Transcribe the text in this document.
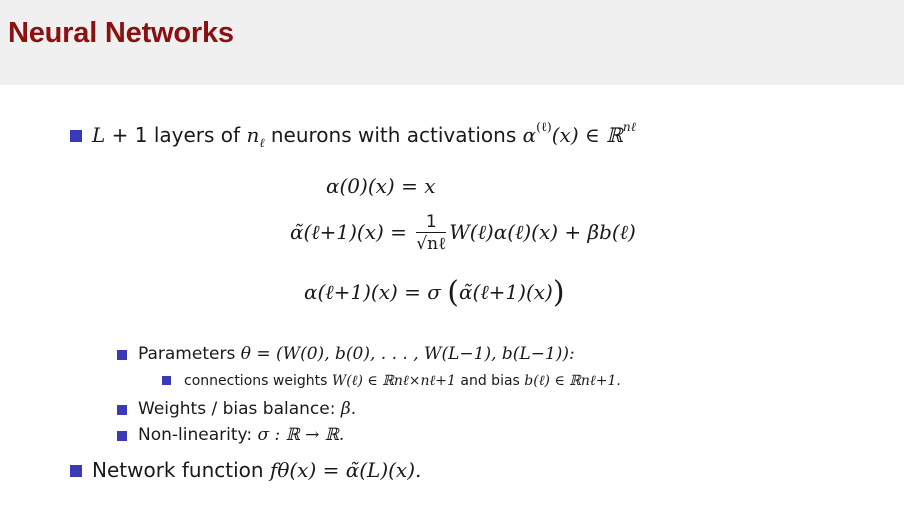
Neural Networks
L + 1 layers of $n_\ell$ neurons with activations $\alpha^{(\ell)}(x)$ ∈ ℝ$^{n\ell}$
α(0)(x) = x
α̃(ℓ+1)(x) = $\frac{1}{\text{√nℓ}}$ W(ℓ)α(ℓ)(x) + βb(ℓ)
α(ℓ+1)(x) = σ (α̃(ℓ+1)(x))
Parameters θ = (W(0), b(0), . . . , W(L−1), b(L−1)):
connections weights W(ℓ) ∈ ℝnℓ×nℓ+1 and bias b(ℓ) ∈ ℝnℓ+1.
Weights / bias balance: β.
Non-linearity: σ : ℝ → ℝ.
Network function fθ(x) = α̃(L)(x).
